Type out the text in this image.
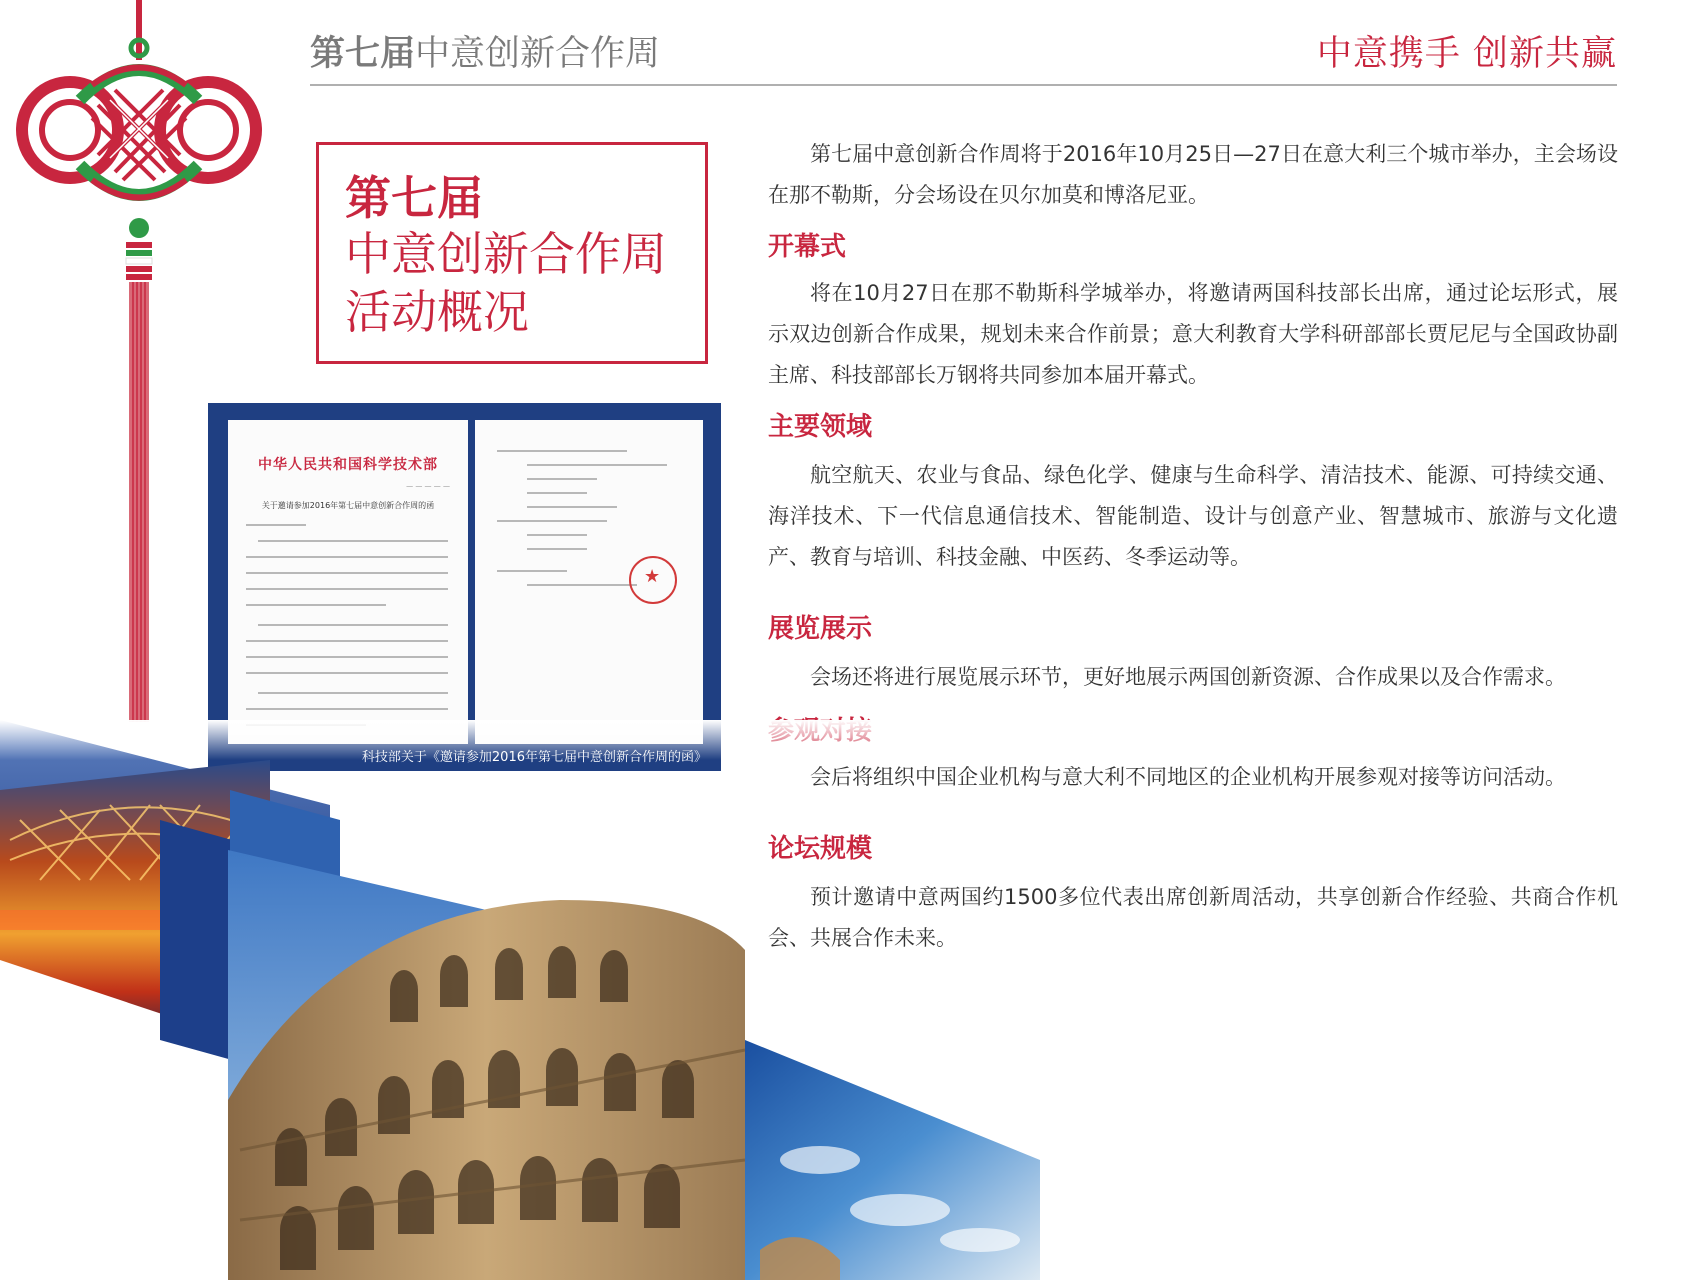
第七届中意创新合作周	中意携手 创新共赢
第七届
中意创新合作周
活动概况
中华人民共和国科学技术部
— — — — —
关于邀请参加2016年第七届中意创新合作周的函
★

第七届中意创新合作周将于2016年10月25日—27日在意大利三个城市举办，主会场设在那不勒斯，分会场设在贝尔加莫和博洛尼亚。

开幕式

将在10月27日在那不勒斯科学城举办，将邀请两国科技部长出席，通过论坛形式，展示双边创新合作成果，规划未来合作前景；意大利教育大学科研部部长贾尼尼与全国政协副主席、科技部部长万钢将共同参加本届开幕式。

主要领域

航空航天、农业与食品、绿色化学、健康与生命科学、清洁技术、能源、可持续交通、海洋技术、下一代信息通信技术、智能制造、设计与创意产业、智慧城市、旅游与文化遗产、教育与培训、科技金融、中医药、冬季运动等。

展览展示

会场还将进行展览展示环节，更好地展示两国创新资源、合作成果以及合作需求。

会后将组织中国企业机构与意大利不同地区的企业机构开展参观对接等访问活动。

论坛规模

预计邀请中意两国约1500多位代表出席创新周活动，共享创新合作经验、共商合作机会、共展合作未来。
